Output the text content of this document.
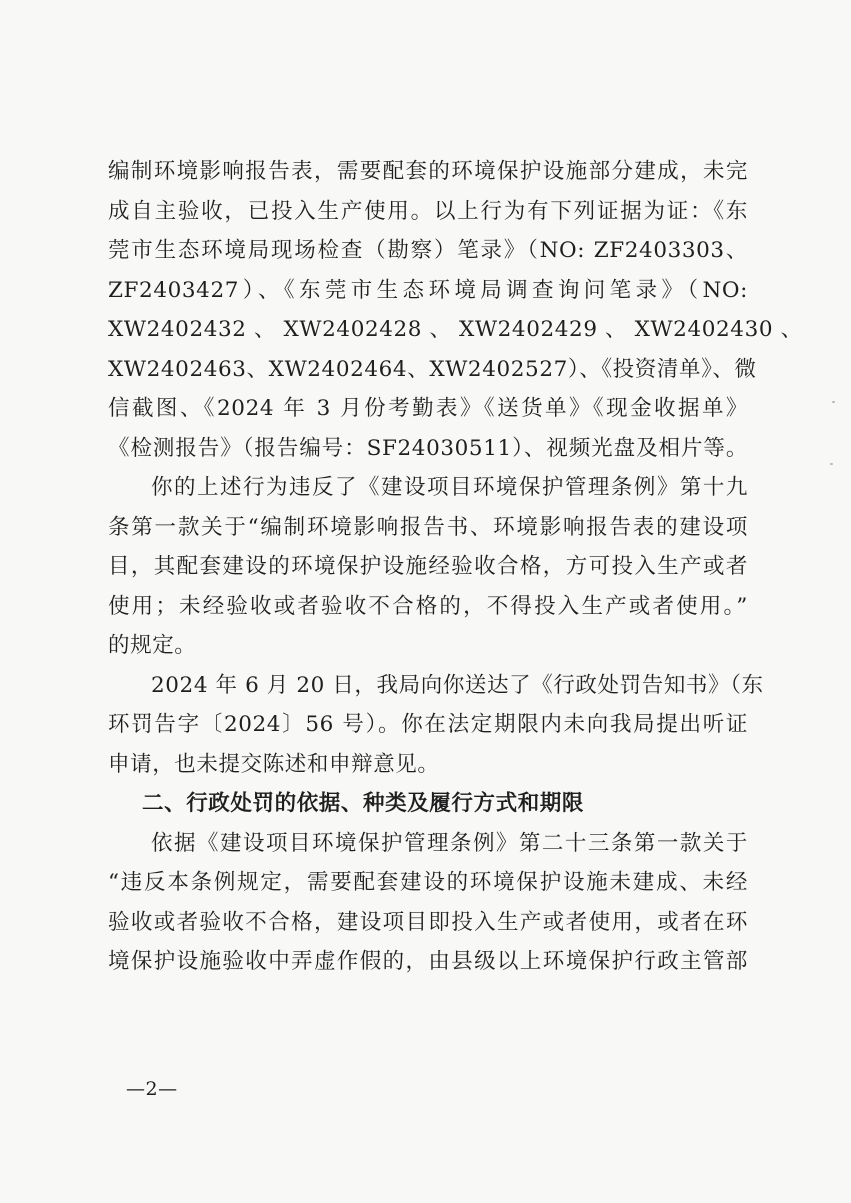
编制环境影响报告表，需要配套的环境保护设施部分建成，未完
成自主验收，已投入生产使用。以上行为有下列证据为证：《东
莞市生态环境局现场检查（勘察）笔录》（NO: ZF2403303、
ZF2403427）、《东莞市生态环境局调查询问笔录》（NO:
XW2402432 、 XW2402428 、 XW2402429 、 XW2402430 、
XW2402463、XW2402464、XW2402527）、《投资清单》、微
信截图、《2024 年 3 月份考勤表》《送货单》《现金收据单》
《检测报告》（报告编号：SF24030511）、视频光盘及相片等。
你的上述行为违反了《建设项目环境保护管理条例》第十九
条第一款关于“编制环境影响报告书、环境影响报告表的建设项
目，其配套建设的环境保护设施经验收合格，方可投入生产或者
使用；未经验收或者验收不合格的，不得投入生产或者使用。”
的规定。
2024 年 6 月 20 日，我局向你送达了《行政处罚告知书》（东
环罚告字〔2024〕56 号）。你在法定期限内未向我局提出听证
申请，也未提交陈述和申辩意见。
二、行政处罚的依据、种类及履行方式和期限
依据《建设项目环境保护管理条例》第二十三条第一款关于
“违反本条例规定，需要配套建设的环境保护设施未建成、未经
验收或者验收不合格，建设项目即投入生产或者使用，或者在环
境保护设施验收中弄虚作假的，由县级以上环境保护行政主管部
—2—
